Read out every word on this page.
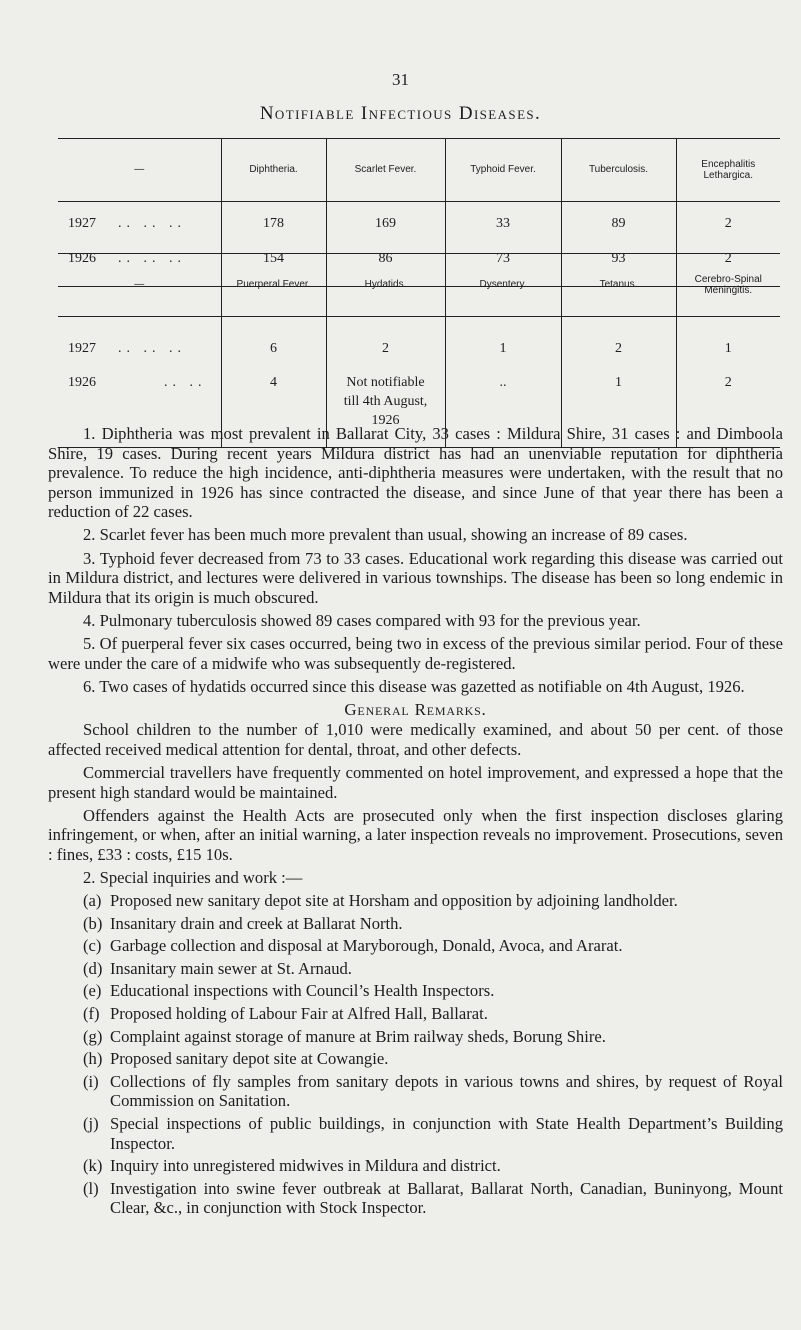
31
Notifiable Infectious Diseases.
—	Diphtheria.	Scarlet Fever.	Typhoid Fever.	Tuberculosis.	Encephalitis Lethargica.
1927 .. .. ..	178	169	33	89	2
1926 .. .. ..	154	86	73	93	2
—	Puerperal Fever.	Hydatids.	Dysentery.	Tetanus.	Cerebro-Spinal Meningitis.
1927 .. .. ..	6	2	1	2	1
1926 .. ..	4	Not notifiable till 4th August, 1926	..	1	2

1. Diphtheria was most prevalent in Ballarat City, 33 cases : Mildura Shire, 31 cases : and Dimboola Shire, 19 cases. During recent years Mildura district has had an unenviable reputation for diphtheria prevalence. To reduce the high incidence, anti-diphtheria measures were undertaken, with the result that no person immunized in 1926 has since contracted the disease, and since June of that year there has been a reduction of 22 cases.

2. Scarlet fever has been much more prevalent than usual, showing an increase of 89 cases.

3. Typhoid fever decreased from 73 to 33 cases. Educational work regarding this disease was carried out in Mildura district, and lectures were delivered in various townships. The disease has been so long endemic in Mildura that its origin is much obscured.

4. Pulmonary tuberculosis showed 89 cases compared with 93 for the previous year.

5. Of puerperal fever six cases occurred, being two in excess of the previous similar period. Four of these were under the care of a midwife who was subsequently de-registered.

6. Two cases of hydatids occurred since this disease was gazetted as notifiable on 4th August, 1926.

General Remarks.

School children to the number of 1,010 were medically examined, and about 50 per cent. of those affected received medical attention for dental, throat, and other defects.

Commercial travellers have frequently commented on hotel improvement, and expressed a hope that the present high standard would be maintained.

Offenders against the Health Acts are prosecuted only when the first inspection discloses glaring infringement, or when, after an initial warning, a later inspection reveals no improvement. Prosecutions, seven : fines, £33 : costs, £15 10s.

2. Special inquiries and work :—

(a) Proposed new sanitary depot site at Horsham and opposition by adjoining landholder.
(b) Insanitary drain and creek at Ballarat North.
(c) Garbage collection and disposal at Maryborough, Donald, Avoca, and Ararat.
(d) Insanitary main sewer at St. Arnaud.
(e) Educational inspections with Council’s Health Inspectors.
(f) Proposed holding of Labour Fair at Alfred Hall, Ballarat.
(g) Complaint against storage of manure at Brim railway sheds, Borung Shire.
(h) Proposed sanitary depot site at Cowangie.
(i) Collections of fly samples from sanitary depots in various towns and shires, by request of Royal Commission on Sanitation.
(j) Special inspections of public buildings, in conjunction with State Health Department’s Building Inspector.
(k) Inquiry into unregistered midwives in Mildura and district.
(l) Investigation into swine fever outbreak at Ballarat, Ballarat North, Canadian, Buninyong, Mount Clear, &c., in conjunction with Stock Inspector.
